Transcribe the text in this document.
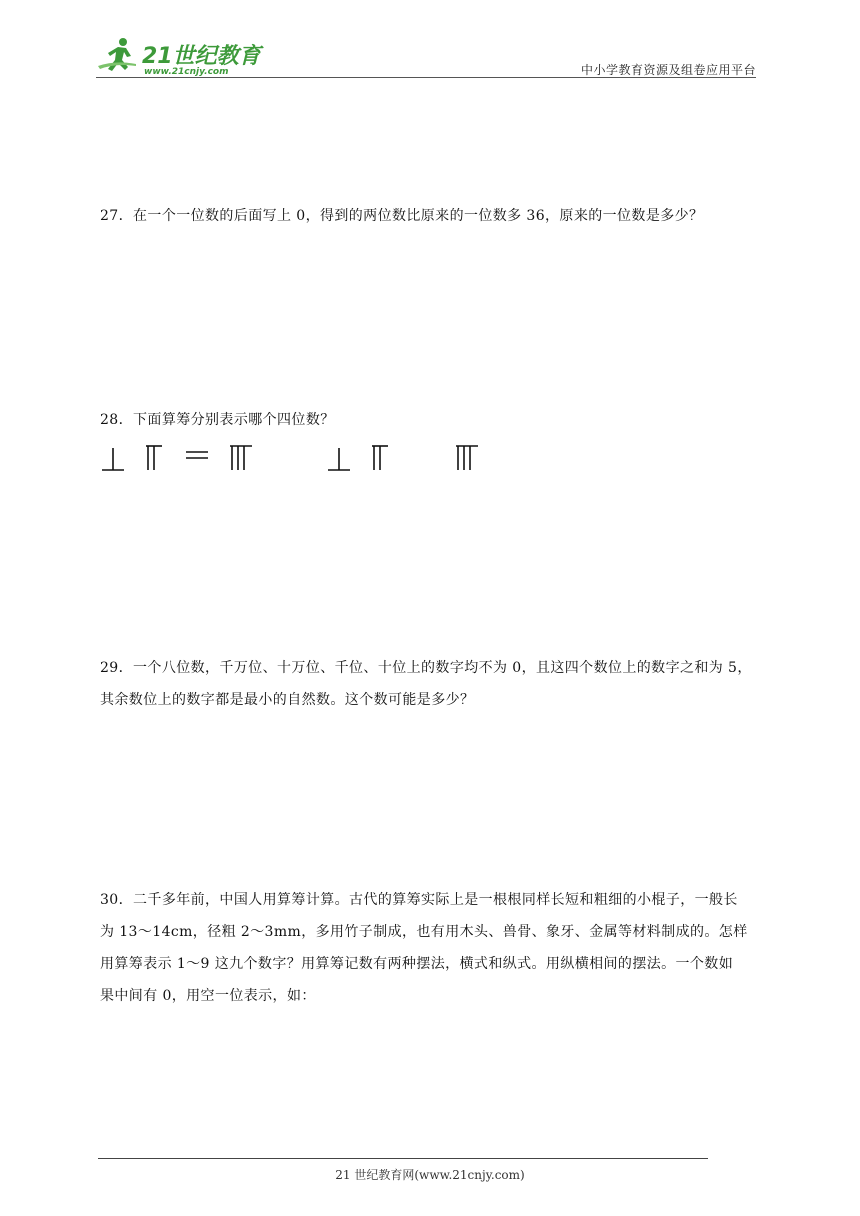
21世纪教育
www.21cnjy.com	中小学教育资源及组卷应用平台

27．在一个一位数的后面写上 0，得到的两位数比原来的一位数多 36，原来的一位数是多少？

28．下面算筹分别表示哪个四位数？

29．一个八位数，千万位、十万位、千位、十位上的数字均不为 0，且这四个数位上的数字之和为 5，

其余数位上的数字都是最小的自然数。这个数可能是多少？

30．二千多年前，中国人用算筹计算。古代的算筹实际上是一根根同样长短和粗细的小棍子，一般长

为 13～14cm，径粗 2～3mm，多用竹子制成，也有用木头、兽骨、象牙、金属等材料制成的。怎样

用算筹表示 1～9 这九个数字？用算筹记数有两种摆法，横式和纵式。用纵横相间的摆法。一个数如

果中间有 0，用空一位表示，如：

21 世纪教育网(www.21cnjy.com)
